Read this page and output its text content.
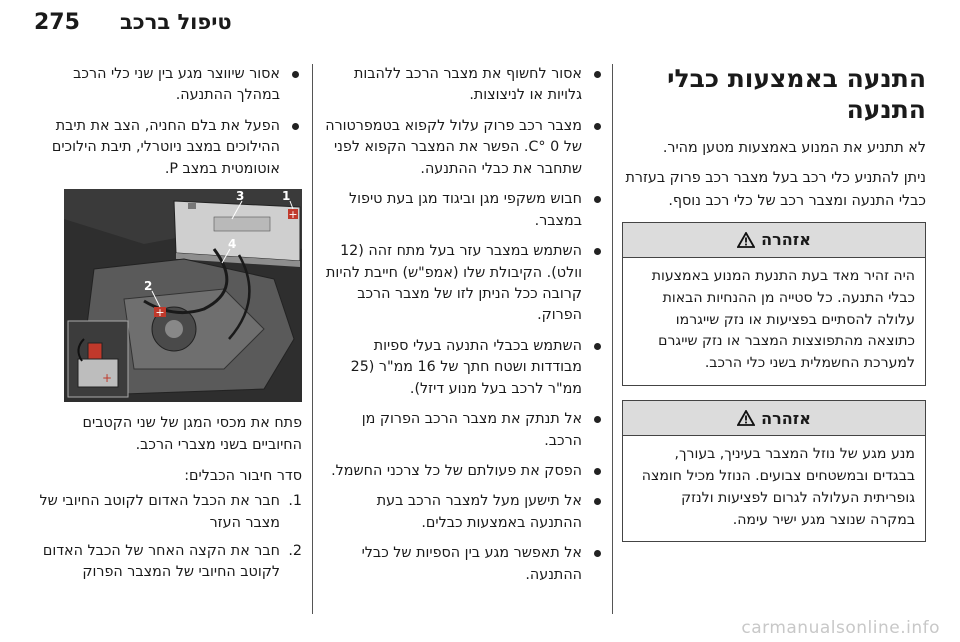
275 טיפול ברכב
התנעה באמצעות כבלי התנעה

לא תתניע את המנוע באמצעות מטען מהיר.

ניתן להתניע כלי רכב בעל מצבר רכב פרוק בעזרת כבלי התנעה ומצבר רכב של כלי רכב נוסף.

אזהרה
היה זהיר מאד בעת התנעת המנוע באמצעות כבלי התנעה. כל סטייה מן ההנחיות הבאות עלולה להסתיים בפציעות או נזק שייגרמו כתוצאה מהתפוצצות המצבר או נזק שייגרם למערכת החשמלית בשני כלי הרכב.
אזהרה
מנע מגע של נוזל המצבר בעיניך, בעורך, בבגדים ובמשטחים צבועים. הנוזל מכיל חומצה גופריתית העלולה לגרום לפציעות ולנזק במקרה שנוצר מגע ישיר עימה.
אסור לחשוף את מצבר הרכב ללהבות גלויות או לניצוצות.
מצבר רכב פרוק עלול לקפוא בטמפרטורה של 0 °C. הפשר את המצבר הקפוא לפני שתחבר את כבלי ההתנעה.
חבוש משקפי מגן וביגוד מגן בעת טיפול במצבר.
השתמש במצבר עזר בעל מתח זהה (12 וולט). הקיבולת שלו (אמפ"ש) חייבת להיות קרובה ככל הניתן לזו של מצבר הרכב הפרוק.
השתמש בכבלי התנעה בעלי ספיות מבודדות ושטח חתך של 16 ממ"ר (25 ממ"ר לרכב בעל מנוע דיזל).
אל תנתק את מצבר הרכב הפרוק מן הרכב.
הפסק את פעולתם של כל צרכני החשמל.
אל תישען מעל למצבר הרכב בעת ההתנעה באמצעות כבלים.
אל תאפשר מגע בין הספיות של כבלי ההתנעה.
אסור שיווצר מגע בין שני כלי הרכב במהלך ההתנעה.
הפעל את בלם החניה, הצב את תיבת ההילוכים במצב ניוטרלי, תיבת הילוכים אוטומטית במצב P.
+
+
+
1
2
3
4

פתח את מכסי המגן של שני הקטבים החיוביים בשני מצברי הרכב.

סדר חיבור הכבלים:

1.
חבר את הכבל האדום לקוטב החיובי של מצבר העזר
2.
חבר את הקצה האחר של הכבל האדום לקוטב החיובי של המצבר הפרוק
carmanualsonline.info
